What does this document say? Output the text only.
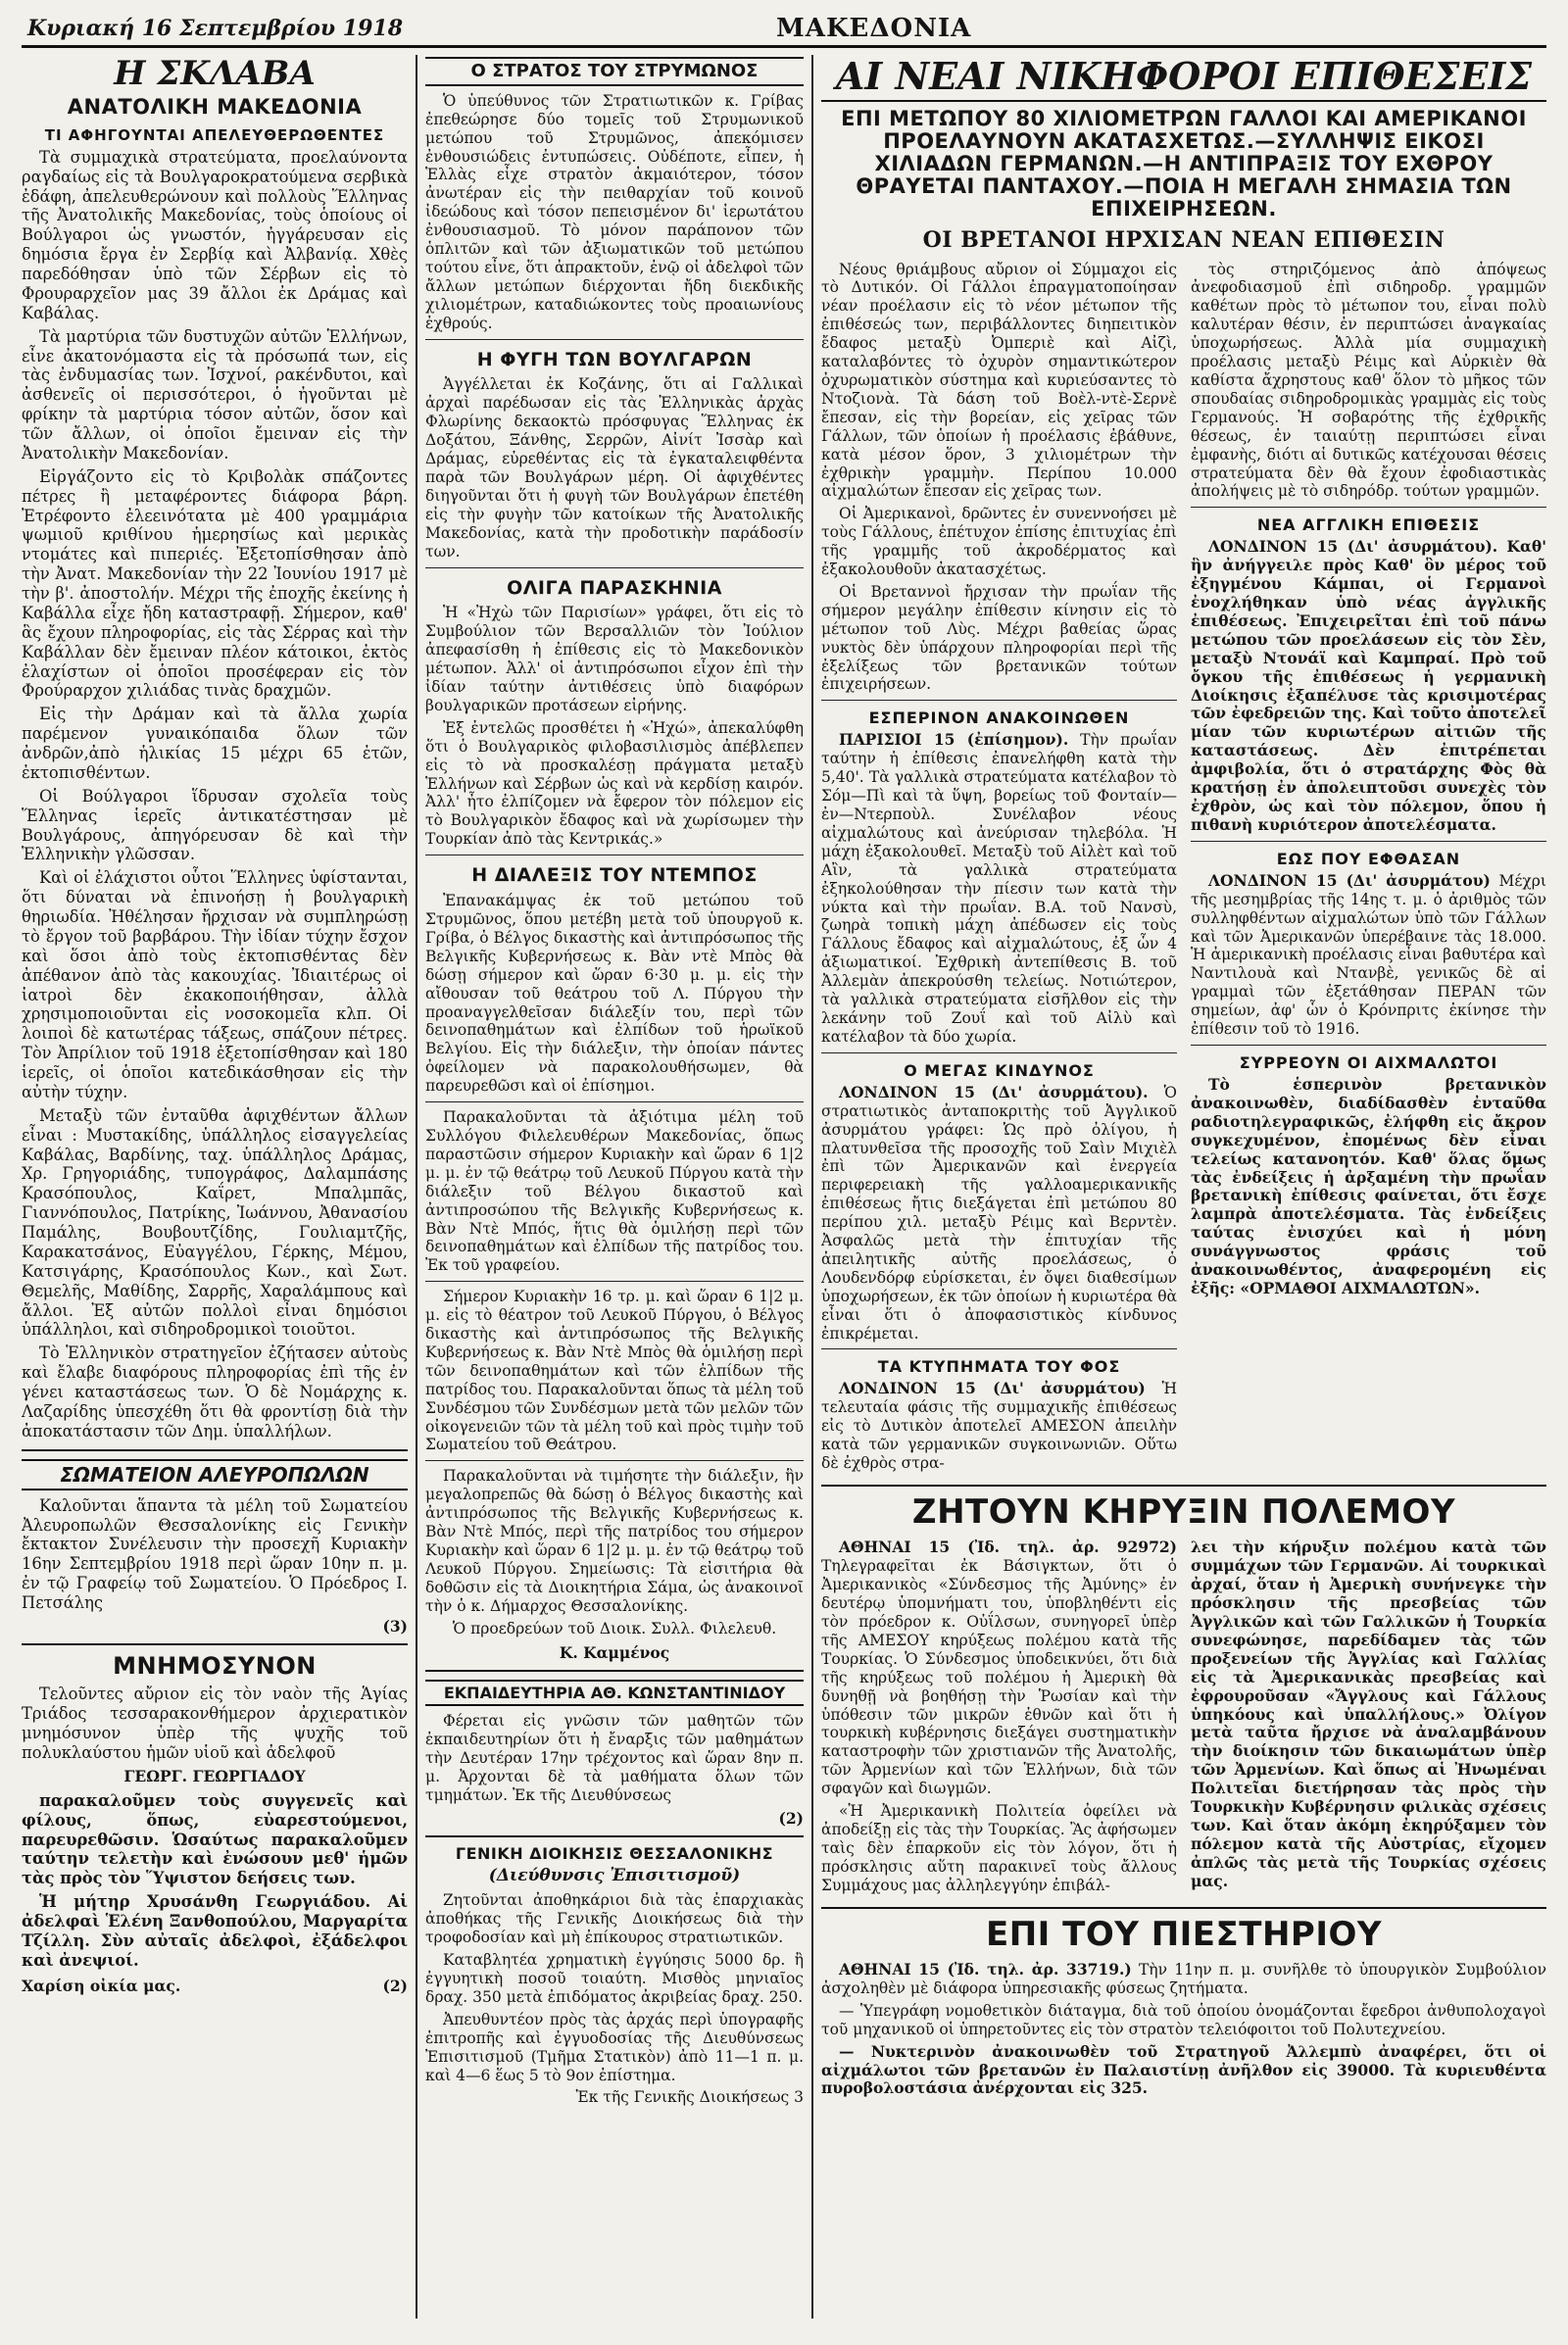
Κυριακή 16 Σεπτεμβρίου 1918	ΜΑΚΕΔΟΝΙΑ
Η ΣΚΛΑΒΑ
ΑΝΑΤΟΛΙΚΗ ΜΑΚΕΔΟΝΙΑ
ΤΙ ΑΦΗΓΟΥΝΤΑΙ ΑΠΕΛΕΥΘΕΡΩΘΕΝΤΕΣ

Τὰ συμμαχικὰ στρατεύματα, προελαύνοντα ραγδαίως εἰς τὰ Βουλγαροκρατούμενα σερβικὰ ἐδάφη, ἀπελευθερώνουν καὶ πολλοὺς Ἕλληνας τῆς Ἀνατολικῆς Μακεδονίας, τοὺς ὁποίους οἱ Βούλγαροι ὡς γνωστόν, ἠγγάρευσαν εἰς δημόσια ἔργα ἐν Σερβίᾳ καὶ Ἀλβανίᾳ. Χθὲς παρεδόθησαν ὑπὸ τῶν Σέρβων εἰς τὸ Φρουραρχεῖον μας 39 ἄλλοι ἐκ Δράμας καὶ Καβάλας.

Τὰ μαρτύρια τῶν δυστυχῶν αὐτῶν Ἑλλήνων, εἶνε ἀκατονόμαστα εἰς τὰ πρόσωπά των, εἰς τὰς ἐνδυμασίας των. Ἰσχνοί, ρακένδυτοι, καὶ ἀσθενεῖς οἱ περισσότεροι, ὁ ἠγοῦνται μὲ φρίκην τὰ μαρτύρια τόσον αὐτῶν, ὅσον καὶ τῶν ἄλλων, οἱ ὁποῖοι ἔμειναν εἰς τὴν Ἀνατολικὴν Μακεδονίαν.

Εἰργάζοντο εἰς τὸ Κριβολὰκ σπάζοντες πέτρες ἢ μεταφέροντες διάφορα βάρη. Ἐτρέφοντο ἐλεεινότατα μὲ 400 γραμμάρια ψωμιοῦ κριθίνου ἡμερησίως καὶ μερικὰς ντομάτες καὶ πιπεριές. Ἐξετοπίσθησαν ἀπὸ τὴν Ἀνατ. Μακεδονίαν τὴν 22 Ἰουνίου 1917 μὲ τὴν β'. ἀποστολήν. Μέχρι τῆς ἐποχῆς ἐκείνης ἡ Καβάλλα εἶχε ἤδη καταστραφῇ. Σήμερον, καθ' ἃς ἔχουν πληροφορίας, εἰς τὰς Σέρρας καὶ τὴν Καβάλλαν δὲν ἔμειναν πλέον κάτοικοι, ἐκτὸς ἐλαχίστων οἱ ὁποῖοι προσέφεραν εἰς τὸν Φρούραρχον χιλιάδας τινὰς δραχμῶν.

Εἰς τὴν Δράμαν καὶ τὰ ἄλλα χωρία παρέμενον γυναικόπαιδα ὅλων τῶν ἀνδρῶν,ἀπὸ ἡλικίας 15 μέχρι 65 ἐτῶν, ἐκτοπισθέντων.

Οἱ Βούλγαροι ἵδρυσαν σχολεῖα τοὺς Ἕλληνας ἱερεῖς ἀντικατέστησαν μὲ Βουλγάρους, ἀπηγόρευσαν δὲ καὶ τὴν Ἑλληνικὴν γλῶσσαν.

Καὶ οἱ ἐλάχιστοι οὗτοι Ἕλληνες ὑφίστανται, ὅτι δύναται νὰ ἐπινοήσῃ ἡ βουλγαρικὴ θηριωδία. Ἠθέλησαν ἤρχισαν νὰ συμπληρώσῃ τὸ ἔργον τοῦ βαρβάρου. Τὴν ἰδίαν τύχην ἔσχον καὶ ὅσοι ἀπὸ τοὺς ἐκτοπισθέντας δὲν ἀπέθανον ἀπὸ τὰς κακουχίας. Ἰδιαιτέρως οἱ ἰατροὶ δὲν ἐκακοποιήθησαν, ἀλλὰ χρησιμοποιοῦνται εἰς νοσοκομεῖα κλπ. Οἱ λοιποὶ δὲ κατωτέρας τάξεως, σπάζουν πέτρες. Τὸν Ἀπρίλιον τοῦ 1918 ἐξετοπίσθησαν καὶ 180 ἱερεῖς, οἱ ὁποῖοι κατεδικάσθησαν εἰς τὴν αὐτὴν τύχην.

Μεταξὺ τῶν ἐνταῦθα ἀφιχθέντων ἄλλων εἶναι : Μυστακίδης, ὑπάλληλος εἰσαγγελείας Καβάλας, Βαρδίνης, ταχ. ὑπάλληλος Δράμας, Χρ. Γρηγοριάδης, τυπογράφος, Δαλαμπάσης Κρασόπουλος, Καΐρετ, Μπαλμπᾶς, Γιαννόπουλος, Πατρίκης, Ἰωάννου, Ἀθανασίου Παμάλης, Βουβουτζίδης, Γουλιαμτζῆς, Καρακατσάνος, Εὐαγγέλου, Γέρκης, Μέμου, Κατσιγάρης, Κρασόπουλος Κων., καὶ Σωτ. Θεμελῆς, Μαθίδης, Σαρρῆς, Χαραλάμπους καὶ ἄλλοι. Ἐξ αὐτῶν πολλοὶ εἶναι δημόσιοι ὑπάλληλοι, καὶ σιδηροδρομικοὶ τοιοῦτοι.

Τὸ Ἑλληνικὸν στρατηγεῖον ἐζήτασεν αὐτοὺς καὶ ἔλαβε διαφόρους πληροφορίας ἐπὶ τῆς ἐν γένει καταστάσεως των. Ὁ δὲ Νομάρχης κ. Λαζαρίδης ὑπεσχέθη ὅτι θὰ φροντίσῃ διὰ τὴν ἀποκατάστασιν τῶν Δημ. ὑπαλλήλων.

ΣΩΜΑΤΕΙΟΝ ΑΛΕΥΡΟΠΩΛΩΝ

Καλοῦνται ἅπαντα τὰ μέλη τοῦ Σωματείου Ἀλευροπωλῶν Θεσσαλονίκης εἰς Γενικὴν ἔκτακτον Συνέλευσιν τὴν προσεχῆ Κυριακὴν 16ην Σεπτεμβρίου 1918 περὶ ὥραν 10ην π. μ. ἐν τῷ Γραφείῳ τοῦ Σωματείου. Ὁ Πρόεδρος Ι. Πετσάλης

(3)
ΜΝΗΜΟΣΥΝΟΝ

Τελοῦντες αὔριον εἰς τὸν ναὸν τῆς Ἁγίας Τριάδος τεσσαρακονθήμερον ἀρχιερατικὸν μνημόσυνον ὑπὲρ τῆς ψυχῆς τοῦ πολυκλαύστου ἡμῶν υἱοῦ καὶ ἀδελφοῦ

ΓΕΩΡΓ. ΓΕΩΡΓΙΑΔΟΥ

παρακαλοῦμεν τοὺς συγγενεῖς καὶ φίλους, ὅπως, εὐαρεστούμενοι, παρευρεθῶσιν. Ὡσαύτως παρακαλοῦμεν ταύτην τελετὴν καὶ ἐνώσουν μεθ' ἡμῶν τὰς πρὸς τὸν Ὕψιστον δεήσεις των.

Ἡ μήτηρ Χρυσάνθη Γεωργιάδου. Αἱ ἀδελφαὶ Ἑλένη Ξανθοπούλου, Μαργαρίτα Τζίλλη. Σὺν αὐταῖς ἀδελφοὶ, ἐξάδελφοι καὶ ἀνεψιοί.

Χαρίση οἰκία μας.	(2)
Ο ΣΤΡΑΤΟΣ ΤΟΥ ΣΤΡΥΜΩΝΟΣ

Ὁ ὑπεύθυνος τῶν Στρατιωτικῶν κ. Γρίβας ἐπεθεώρησε δύο τομεῖς τοῦ Στρυμωνικοῦ μετώπου τοῦ Στρυμῶνος, ἀπεκόμισεν ἐνθουσιώδεις ἐντυπώσεις. Οὐδέποτε, εἶπεν, ἡ Ἑλλὰς εἶχε στρατὸν ἀκμαιότερον, τόσον ἀνωτέραν εἰς τὴν πειθαρχίαν τοῦ κοινοῦ ἰδεώδους καὶ τόσον πεπεισμένον δι' ἱερωτάτου ἐνθουσιασμοῦ. Τὸ μόνον παράπονον τῶν ὁπλιτῶν καὶ τῶν ἀξιωματικῶν τοῦ μετώπου τούτου εἶνε, ὅτι ἀπρακτοῦν, ἐνῷ οἱ ἀδελφοὶ τῶν ἄλλων μετώπων διέρχονται ἤδη διεκδικῆς χιλιομέτρων, καταδιώκοντες τοὺς προαιωνίους ἐχθρούς.

Η ΦΥΓΗ ΤΩΝ ΒΟΥΛΓΑΡΩΝ

Ἀγγέλλεται ἐκ Κοζάνης, ὅτι αἱ Γαλλικαὶ ἀρχαὶ παρέδωσαν εἰς τὰς Ἑλληνικὰς ἀρχὰς Φλωρίνης δεκαοκτὼ πρόσφυγας Ἕλληνας ἐκ Δοξάτου, Ξάνθης, Σερρῶν, Αἰνίτ Ἰσσὰρ καὶ Δράμας, εὑρεθέντας εἰς τὰ ἐγκαταλειφθέντα παρὰ τῶν Βουλγάρων μέρη. Οἱ ἀφιχθέντες διηγοῦνται ὅτι ἡ φυγὴ τῶν Βουλγάρων ἐπετέθη εἰς τὴν φυγὴν τῶν κατοίκων τῆς Ἀνατολικῆς Μακεδονίας, κατὰ τὴν προδοτικὴν παράδοσίν των.

ΟΛΙΓΑ ΠΑΡΑΣΚΗΝΙΑ

Ἡ «Ἠχὼ τῶν Παρισίων» γράφει, ὅτι εἰς τὸ Συμβούλιον τῶν Βερσαλλιῶν τὸν Ἰούλιον ἀπεφασίσθη ἡ ἐπίθεσις εἰς τὸ Μακεδονικὸν μέτωπον. Ἀλλ' οἱ ἀντιπρόσωποι εἶχον ἐπὶ τὴν ἰδίαν ταύτην ἀντιθέσεις ὑπὸ διαφόρων βουλγαρικῶν προτάσεων εἰρήνης.

Ἐξ ἐντελῶς προσθέτει ἡ «Ἠχώ», ἀπεκαλύφθη ὅτι ὁ Βουλγαρικὸς φιλοβασιλισμὸς ἀπέβλεπεν εἰς τὸ νὰ προσκαλέσῃ πράγματα μεταξὺ Ἑλλήνων καὶ Σέρβων ὡς καὶ νὰ κερδίσῃ καιρόν. Ἀλλ' ἦτο ἐλπίζομεν νὰ ἔφερον τὸν πόλεμον εἰς τὸ Βουλγαρικὸν ἔδαφος καὶ νὰ χωρίσωμεν τὴν Τουρκίαν ἀπὸ τὰς Κεντρικάς.»

Η ΔΙΑΛΕΞΙΣ ΤΟΥ ΝΤΕΜΠΟΣ

Ἐπανακάμψας ἐκ τοῦ μετώπου τοῦ Στρυμῶνος, ὅπου μετέβη μετὰ τοῦ ὑπουργοῦ κ. Γρίβα, ὁ Βέλγος δικαστὴς καὶ ἀντιπρόσωπος τῆς Βελγικῆς Κυβερνήσεως κ. Βὰν ντὲ Μπὸς θὰ δώσῃ σήμερον καὶ ὥραν 6·30 μ. μ. εἰς τὴν αἴθουσαν τοῦ θεάτρου τοῦ Λ. Πύργου τὴν προαναγγελθεῖσαν διάλεξίν του, περὶ τῶν δεινοπαθημάτων καὶ ἐλπίδων τοῦ ἡρωϊκοῦ Βελγίου. Εἰς τὴν διάλεξιν, τὴν ὁποίαν πάντες ὀφείλομεν νὰ παρακολουθήσωμεν, θὰ παρευρεθῶσι καὶ οἱ ἐπίσημοι.

Παρακαλοῦνται τὰ ἀξιότιμα μέλη τοῦ Συλλόγου Φιλελευθέρων Μακεδονίας, ὅπως παραστῶσιν σήμερον Κυριακὴν καὶ ὥραν 6 1|2 μ. μ. ἐν τῷ θεάτρῳ τοῦ Λευκοῦ Πύργου κατὰ τὴν διάλεξιν τοῦ Βέλγου δικαστοῦ καὶ ἀντιπροσώπου τῆς Βελγικῆς Κυβερνήσεως κ. Βὰν Ντὲ Μπός, ἥτις θὰ ὁμιλήσῃ περὶ τῶν δεινοπαθημάτων καὶ ἐλπίδων τῆς πατρίδος του. Ἐκ τοῦ γραφείου.

Σήμερον Κυριακὴν 16 τρ. μ. καὶ ὥραν 6 1|2 μ. μ. εἰς τὸ θέατρον τοῦ Λευκοῦ Πύργου, ὁ Βέλγος δικαστὴς καὶ ἀντιπρόσωπος τῆς Βελγικῆς Κυβερνήσεως κ. Βὰν Ντὲ Μπὸς θὰ ὁμιλήσῃ περὶ τῶν δεινοπαθημάτων καὶ τῶν ἐλπίδων τῆς πατρίδος του. Παρακαλοῦνται ὅπως τὰ μέλη τοῦ Συνδέσμου τῶν Συνδέσμων μετὰ τῶν μελῶν τῶν οἰκογενειῶν τῶν τὰ μέλη τοῦ καὶ πρὸς τιμὴν τοῦ Σωματείου τοῦ Θεάτρου.

Παρακαλοῦνται νὰ τιμήσητε τὴν διάλεξιν, ἣν μεγαλοπρεπῶς θὰ δώσῃ ὁ Βέλγος δικαστὴς καὶ ἀντιπρόσωπος τῆς Βελγικῆς Κυβερνήσεως κ. Βὰν Ντὲ Μπός, περὶ τῆς πατρίδος του σήμερον Κυριακὴν καὶ ὥραν 6 1|2 μ. μ. ἐν τῷ θεάτρῳ τοῦ Λευκοῦ Πύργου. Σημείωσις: Τὰ εἰσιτήρια θὰ δοθῶσιν εἰς τὰ Διοικητήρια Σάμα, ὡς ἀνακοινοῖ τὴν ὁ κ. Δήμαρχος Θεσσαλονίκης.

Ὁ προεδρεύων τοῦ Διοικ. Συλλ. Φιλελευθ.
Κ. Καμμένος
ΕΚΠΑΙΔΕΥΤΗΡΙΑ ΑΘ. ΚΩΝΣΤΑΝΤΙΝΙΔΟΥ

Φέρεται εἰς γνῶσιν τῶν μαθητῶν τῶν ἐκπαιδευτηρίων ὅτι ἡ ἔναρξις τῶν μαθημάτων τὴν Δευτέραν 17ην τρέχοντος καὶ ὥραν 8ην π. μ. Ἀρχονται δὲ τὰ μαθήματα ὅλων τῶν τμημάτων. Ἐκ τῆς Διευθύνσεως

(2)
ΓΕΝΙΚΗ ΔΙΟΙΚΗΣΙΣ ΘΕΣΣΑΛΟΝΙΚΗΣ
(Διεύθυνσις Ἐπισιτισμοῦ)

Ζητοῦνται ἀποθηκάριοι διὰ τὰς ἐπαρχιακὰς ἀποθήκας τῆς Γενικῆς Διοικήσεως διὰ τὴν τροφοδοσίαν καὶ μὴ ἐπίκουρος στρατιωτικῶν.

Καταβλητέα χρηματικὴ ἐγγύησις 5000 δρ. ἢ ἐγγυητικὴ ποσοῦ τοιαύτη. Μισθὸς μηνιαῖος δραχ. 350 μετὰ ἐπιδόματος ἀκριβείας δραχ. 250.

Ἀπευθυντέον πρὸς τὰς ἀρχάς περὶ ὑπογραφῆς ἐπιτροπῆς καὶ ἐγγυοδοσίας τῆς Διευθύνσεως Ἐπισιτισμοῦ (Τμῆμα Στατικὸν) ἀπὸ 11—1 π. μ. καὶ 4—6 ἕως 5 τὸ 9ον ἐπίστημα.

Ἐκ τῆς Γενικῆς Διοικήσεως 3
ΑΙ ΝΕΑΙ ΝΙΚΗΦΟΡΟΙ ΕΠΙΘΕΣΕΙΣ
ΕΠΙ ΜΕΤΩΠΟΥ 80 ΧΙΛΙΟΜΕΤΡΩΝ ΓΑΛΛΟΙ ΚΑΙ ΑΜΕΡΙΚΑΝΟΙ ΠΡΟΕΛΑΥΝΟΥΝ ΑΚΑΤΑΣΧΕΤΩΣ.—ΣΥΛΛΗΨΙΣ ΕΙΚΟΣΙ ΧΙΛΙΑΔΩΝ ΓΕΡΜΑΝΩΝ.—Η ΑΝΤΙΠΡΑΞΙΣ ΤΟΥ ΕΧΘΡΟΥ ΘΡΑΥΕΤΑΙ ΠΑΝΤΑΧΟΥ.—ΠΟΙΑ Η ΜΕΓΑΛΗ ΣΗΜΑΣΙΑ ΤΩΝ ΕΠΙΧΕΙΡΗΣΕΩΝ.
ΟΙ ΒΡΕΤΑΝΟΙ ΗΡΧΙΣΑΝ ΝΕΑΝ ΕΠΙΘΕΣΙΝ

Νέους θριάμβους αὔριον οἱ Σύμμαχοι εἰς τὸ Δυτικόν. Οἱ Γάλλοι ἐπραγματοποίησαν νέαν προέλασιν εἰς τὸ νέον μέτωπον τῆς ἐπιθέσεώς των, περιβάλλοντες διηπειτικὸν ἔδαφος μεταξὺ Ὀμπεριὲ καὶ Αἰζὶ, καταλαβόντες τὸ ὀχυρὸν σημαντικώτερον ὀχυρωματικὸν σύστημα καὶ κυριεύσαντες τὸ Ντοζιονὰ. Τὰ δάση τοῦ Βοὲλ-ντὲ-Σερνὲ ἔπεσαν, εἰς τὴν βορείαν, εἰς χεῖρας τῶν Γάλλων, τῶν ὁποίων ἡ προέλασις ἐβάθυνε, κατὰ μέσον ὅρον, 3 χιλιομέτρων τὴν ἐχθρικὴν γραμμὴν. Περίπου 10.000 αἰχμαλώτων ἔπεσαν εἰς χεῖρας των.

Οἱ Ἀμερικανοὶ, δρῶντες ἐν συνεννοήσει μὲ τοὺς Γάλλους, ἐπέτυχον ἐπίσης ἐπιτυχίας ἐπὶ τῆς γραμμῆς τοῦ ἀκροδέρματος καὶ ἐξακολουθοῦν ἀκατασχέτως.

Οἱ Βρεταννοὶ ἤρχισαν τὴν πρωΐαν τῆς σήμερον μεγάλην ἐπίθεσιν κίνησιν εἰς τὸ μέτωπον τοῦ Λὺς. Μέχρι βαθείας ὥρας νυκτὸς δὲν ὑπάρχουν πληροφορίαι περὶ τῆς ἐξελίξεως τῶν βρετανικῶν τούτων ἐπιχειρήσεων.

ΕΣΠΕΡΙΝΟΝ ΑΝΑΚΟΙΝΩΘΕΝ

ΠΑΡΙΣΙΟΙ 15 (ἐπίσημον). Τὴν πρωΐαν ταύτην ἡ ἐπίθεσις ἐπανελήφθη κατὰ τὴν 5,40'. Τὰ γαλλικὰ στρατεύματα κατέλαβον τὸ Σόμ—Πὶ καὶ τὰ ὕψη, βορείως τοῦ Φονταίν—ἐν—Ντερποὺλ. Συνέλαβον νέους αἰχμαλώτους καὶ ἀνεύρισαν τηλεβόλα. Ἡ μάχη ἐξακολουθεῖ. Μεταξὺ τοῦ Αἰλὲτ καὶ τοῦ Αἲν, τὰ γαλλικὰ στρατεύματα ἐξηκολούθησαν τὴν πίεσιν των κατὰ τὴν νύκτα καὶ τὴν πρωΐαν. Β.Α. τοῦ Νανσὺ, ζωηρὰ τοπικὴ μάχη ἀπέδωσεν εἰς τοὺς Γάλλους ἔδαφος καὶ αἰχμαλώτους, ἐξ ὧν 4 ἀξιωματικοί. Ἐχθρικὴ ἀντεπίθεσις Β. τοῦ Ἀλλεμὰν ἀπεκρούσθη τελείως. Νοτιώτερον, τὰ γαλλικὰ στρατεύματα εἰσῆλθον εἰς τὴν λεκάνην τοῦ Ζουΐ καὶ τοῦ Αἰλὺ καὶ κατέλαβον τὰ δύο χωρία.

Ο ΜΕΓΑΣ ΚΙΝΔΥΝΟΣ

ΛΟΝΔΙΝΟΝ 15 (Δι' ἀσυρμάτου). Ὁ στρατιωτικὸς ἀνταποκριτὴς τοῦ Ἀγγλικοῦ ἀσυρμάτου γράφει: Ὡς πρὸ ὀλίγου, ἡ πλατυνθεῖσα τῆς προσοχῆς τοῦ Σαὶν Μιχιὲλ ἐπὶ τῶν Ἀμερικανῶν καὶ ἐνεργεία περιφερειακὴ τῆς γαλλοαμερικανικῆς ἐπιθέσεως ἤτις διεξάγεται ἐπὶ μετώπου 80 περίπου χιλ. μεταξὺ Ρέιμς καὶ Βερντὲν. Ἀσφαλῶς μετὰ τὴν ἐπιτυχίαν τῆς ἀπειλητικῆς αὐτῆς προελάσεως, ὁ Λουδενδόρφ εὑρίσκεται, ἐν ὄψει διαθεσίμων ὑποχωρήσεων, ἐκ τῶν ὁποίων ἡ κυριωτέρα θὰ εἶναι ὅτι ὁ ἀποφασιστικὸς κίνδυνος ἐπικρέμεται.

ΤΑ ΚΤΥΠΗΜΑΤΑ ΤΟΥ ΦΟΣ

ΛΟΝΔΙΝΟΝ 15 (Δι' ἀσυρμάτου) Ἡ τελευταία φάσις τῆς συμμαχικῆς ἐπιθέσεως εἰς τὸ Δυτικὸν ἀποτελεῖ ΑΜΕΣΟΝ ἀπειλὴν κατὰ τῶν γερμανικῶν συγκοινωνιῶν. Οὕτω δὲ ἐχθρὸς στρα-

τὸς στηριζόμενος ἀπὸ ἀπόψεως ἀνεφοδιασμοῦ ἐπὶ σιδηροδρ. γραμμῶν καθέτων πρὸς τὸ μέτωπον του, εἶναι πολὺ καλυτέραν θέσιν, ἐν περιπτώσει ἀναγκαίας ὑποχωρήσεως. Ἀλλὰ μία συμμαχικὴ προέλασις μεταξὺ Ρέιμς καὶ Αὐρκιὲν θὰ καθίστα ἄχρηστους καθ' ὅλον τὸ μῆκος τῶν σπουδαίας σιδηροδρομικὰς γραμμὰς εἰς τοὺς Γερμανούς. Ἡ σοβαρότης τῆς ἐχθρικῆς θέσεως, ἐν ταιαύτῃ περιπτώσει εἶναι ἐμφανὴς, διότι αἱ δυτικῶς κατέχουσαι θέσεις στρατεύματα δὲν θὰ ἔχουν ἐφοδιαστικὰς ἀπολήψεις μὲ τὸ σιδηρόδρ. τούτων γραμμῶν.

ΝΕΑ ΑΓΓΛΙΚΗ ΕΠΙΘΕΣΙΣ

ΛΟΝΔΙΝΟΝ 15 (Δι' ἀσυρμάτου). Καθ' ἣν ἀνήγγειλε πρὸς Καθ' ὃν μέρος τοῦ ἐξηγμένου Κάμπαι, οἱ Γερμανοὶ ἐνοχλήθηκαν ὑπὸ νέας ἀγγλικῆς ἐπιθέσεως. Ἐπιχειρεῖται ἐπὶ τοῦ πάνω μετώπου τῶν προελάσεων εἰς τὸν Σὲν, μεταξὺ Ντονάϊ καὶ Καμπραί. Πρὸ τοῦ ὄγκου τῆς ἐπιθέσεως ἡ γερμανικὴ Διοίκησις ἐξαπέλυσε τὰς κρισιμοτέρας τῶν ἐφεδρειῶν της. Καὶ τοῦτο ἀποτελεῖ μίαν τῶν κυριωτέρων αἰτιῶν τῆς καταστάσεως. Δὲν ἐπιτρέπεται ἀμφιβολία, ὅτι ὁ στρατάρχης Φὸς θὰ κρατήσῃ ἐν ἀπολειπτοῦσι συνεχὲς τὸν ἐχθρὸν, ὡς καὶ τὸν πόλεμον, ὅπου ἡ πιθανὴ κυριότερον ἀποτελέσματα.

ΕΩΣ ΠΟΥ ΕΦΘΑΣΑΝ

ΛΟΝΔΙΝΟΝ 15 (Δι' ἀσυρμάτου) Μέχρι τῆς μεσημβρίας τῆς 14ης τ. μ. ὁ ἀριθμὸς τῶν συλληφθέντων αἰχμαλώτων ὑπὸ τῶν Γάλλων καὶ τῶν Ἀμερικανῶν ὑπερέβαινε τὰς 18.000. Ἡ ἀμερικανικὴ προέλασις εἶναι βαθυτέρα καὶ Ναντιλουὰ καὶ Ντανβὲ, γενικῶς δὲ αἱ γραμμαὶ τῶν ἐξετάθησαν ΠΕΡΑΝ τῶν σημείων, ἀφ' ὧν ὁ Κρόνπριτς ἐκίνησε τὴν ἐπίθεσιν τοῦ τὸ 1916.

ΣΥΡΡΕΟΥΝ ΟΙ ΑΙΧΜΑΛΩΤΟΙ

Τὸ ἑσπερινὸν βρετανικὸν ἀνακοινωθὲν, διαδίδασθὲν ἐνταῦθα ραδιοτηλεγραφικῶς, ἐλήφθη εἰς ἄκρον συγκεχυμένον, ἐπομένως δὲν εἶναι τελείως κατανοητόν. Καθ' ὅλας ὅμως τὰς ἐνδείξεις ἡ ἀρξαμένη τὴν πρωΐαν βρετανικὴ ἐπίθεσις φαίνεται, ὅτι ἔσχε λαμπρὰ ἀποτελέσματα. Τὰς ἐνδείξεις ταύτας ἐνισχύει καὶ ἡ μόνη συνάγγνωστος φράσις τοῦ ἀνακοινωθέντος, ἀναφερομένη εἰς ἐξῆς: «ΟΡΜΑΘΟΙ ΑΙΧΜΑΛΩΤΩΝ».

ΖΗΤΟΥΝ ΚΗΡΥΞΙΝ ΠΟΛΕΜΟΥ

ΑΘΗΝΑΙ 15 (Ἰδ. τηλ. ἀρ. 92972) Τηλεγραφεῖται ἐκ Βάσιγκτων, ὅτι ὁ Ἀμερικανικὸς «Σύνδεσμος τῆς Ἀμύνης» ἐν δευτέρῳ ὑπομνήματι του, ὑποβληθέντι εἰς τὸν πρόεδρον κ. Οὐΐλσων, συνηγορεῖ ὑπὲρ τῆς ΑΜΕΣΟΥ κηρύξεως πολέμου κατὰ τῆς Τουρκίας. Ὁ Σύνδεσμος ὑποδεικνύει, ὅτι διὰ τῆς κηρύξεως τοῦ πολέμου ἡ Ἀμερικὴ θὰ δυνηθῇ νὰ βοηθήσῃ τὴν Ῥωσίαν καὶ τὴν ὑπόθεσιν τῶν μικρῶν ἐθνῶν καὶ ὅτι ἡ τουρκικὴ κυβέρνησις διεξάγει συστηματικὴν καταστροφὴν τῶν χριστιανῶν τῆς Ἀνατολῆς, τῶν Ἀρμενίων καὶ τῶν Ἑλλήνων, διὰ τῶν σφαγῶν καὶ διωγμῶν.

«Ἡ Ἀμερικανικὴ Πολιτεία ὀφείλει νὰ ἀποδείξῃ εἰς τὰς τὴν Τουρκίας. Ἂς ἀφήσωμεν ταὶς δὲν ἐπαρκοῦν εἰς τὸν λόγον, ὅτι ἡ πρόσκλησις αὕτη παρακινεῖ τοὺς ἄλλους Συμμάχους μας ἀλληλεγγύην ἐπιβάλ-

λει τὴν κήρυξιν πολέμου κατὰ τῶν συμμάχων τῶν Γερμανῶν. Αἱ τουρκικαὶ ἀρχαί, ὅταν ἡ Ἀμερικὴ συνήνεγκε τὴν πρόσκλησιν τῆς πρεσβείας τῶν Ἀγγλικῶν καὶ τῶν Γαλλικῶν ἡ Τουρκία συνεφώνησε, παρεδίδαμεν τὰς τῶν προξενείων τῆς Ἀγγλίας καὶ Γαλλίας εἰς τὰ Ἀμερικανικὰς πρεσβείας καὶ ἐφρουροῦσαν «Ἄγγλους καὶ Γάλλους ὑπηκόους καὶ ὑπαλλήλους.» Ὀλίγον μετὰ ταῦτα ἤρχισε νὰ ἀναλαμβάνουν τὴν διοίκησιν τῶν δικαιωμάτων ὑπὲρ τῶν Ἀρμενίων. Καὶ ὅπως αἱ Ἠνωμέναι Πολιτεῖαι διετήρησαν τὰς πρὸς τὴν Τουρκικὴν Κυβέρνησιν φιλικὰς σχέσεις των. Καὶ ὅταν ἀκόμη ἐκηρύξαμεν τὸν πόλεμον κατὰ τῆς Αὐστρίας, εἴχομεν ἀπλῶς τὰς μετὰ τῆς Τουρκίας σχέσεις μας.

ΕΠΙ ΤΟΥ ΠΙΕΣΤΗΡΙΟΥ

ΑΘΗΝΑΙ 15 (Ἰδ. τηλ. ἀρ. 33719.) Τὴν 11ην π. μ. συνῆλθε τὸ ὑπουργικὸν Συμβούλιον ἀσχοληθὲν μὲ διάφορα ὑπηρεσιακῆς φύσεως ζητήματα.

— Ὑπεγράφη νομοθετικὸν διάταγμα, διὰ τοῦ ὁποίου ὀνομάζονται ἔφεδροι ἀνθυπολοχαγοὶ τοῦ μηχανικοῦ οἱ ὑπηρετοῦντες εἰς τὸν στρατὸν τελειόφοιτοι τοῦ Πολυτεχνείου.

— Νυκτερινὸν ἀνακοινωθὲν τοῦ Στρατηγοῦ Ἀλλεμπὺ ἀναφέρει, ὅτι οἱ αἰχμάλωτοι τῶν βρετανῶν ἐν Παλαιστίνῃ ἀνῆλθον εἰς 39000. Τὰ κυριευθέντα πυροβολοστάσια ἀνέρχονται εἰς 325.
